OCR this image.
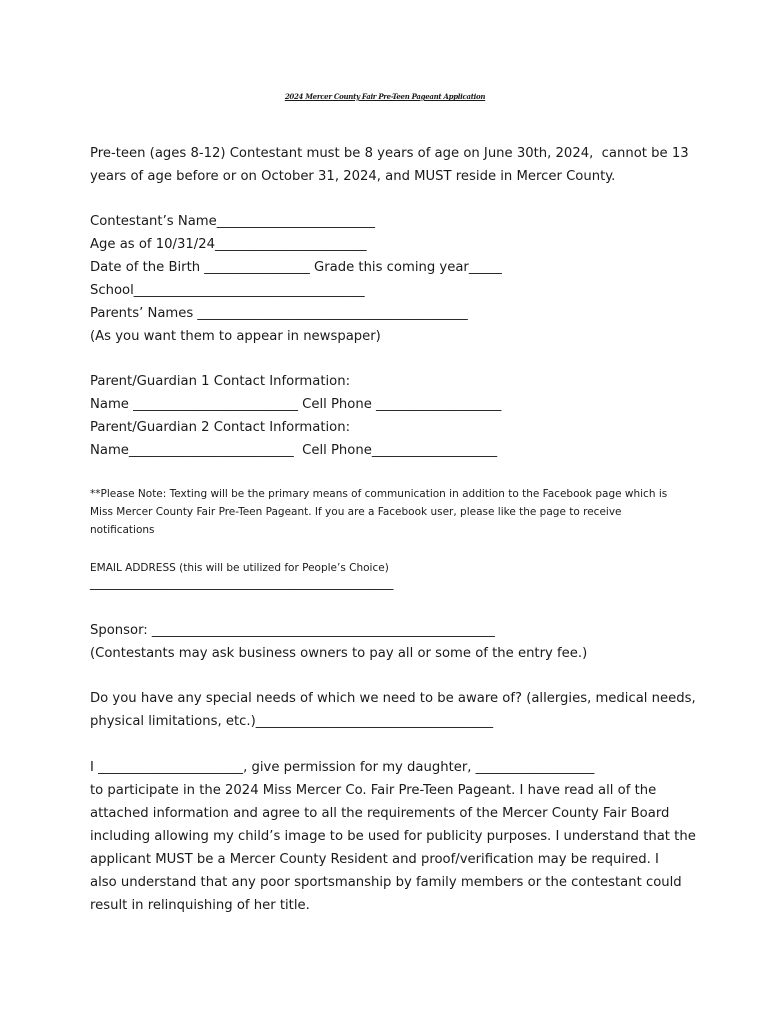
2024 Mercer County Fair Pre-Teen Pageant Application
Pre-teen (ages 8-12) Contestant must be 8 years of age on June 30th, 2024,  cannot be 13
years of age before or on October 31, 2024, and MUST reside in Mercer County.
Contestant’s Name________________________
Age as of 10/31/24_______________________
Date of the Birth ________________ Grade this coming year_____
School___________________________________
Parents’ Names _________________________________________
(As you want them to appear in newspaper)
Parent/Guardian 1 Contact Information:
Name _________________________ Cell Phone ___________________
Parent/Guardian 2 Contact Information:
Name_________________________  Cell Phone___________________
**Please Note: Texting will be the primary means of communication in addition to the Facebook page which is
Miss Mercer County Fair Pre-Teen Pageant. If you are a Facebook user, please like the page to receive
notifications
EMAIL ADDRESS (this will be utilized for People’s Choice)
______________________________________________
Sponsor: ____________________________________________________
(Contestants may ask business owners to pay all or some of the entry fee.)
Do you have any special needs of which we need to be aware of? (allergies, medical needs,
physical limitations, etc.)____________________________________
I ______________________, give permission for my daughter, __________________
to participate in the 2024 Miss Mercer Co. Fair Pre-Teen Pageant. I have read all of the
attached information and agree to all the requirements of the Mercer County Fair Board
including allowing my child’s image to be used for publicity purposes. I understand that the
applicant MUST be a Mercer County Resident and proof/verification may be required. I
also understand that any poor sportsmanship by family members or the contestant could
result in relinquishing of her title.
